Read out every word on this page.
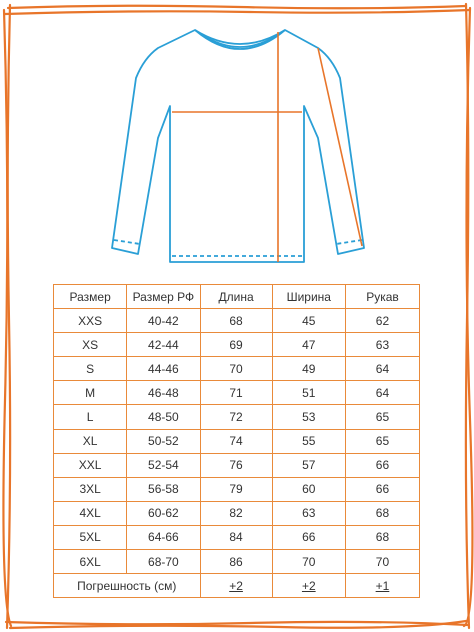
Размер	Размер РФ	Длина	Ширина	Рукав
XXS	40-42	68	45	62
XS	42-44	69	47	63
S	44-46	70	49	64
M	46-48	71	51	64
L	48-50	72	53	65
XL	50-52	74	55	65
XXL	52-54	76	57	66
3XL	56-58	79	60	66
4XL	60-62	82	63	68
5XL	64-66	84	66	68
6XL	68-70	86	70	70
Погрешность (см)		+2	+2	+1
